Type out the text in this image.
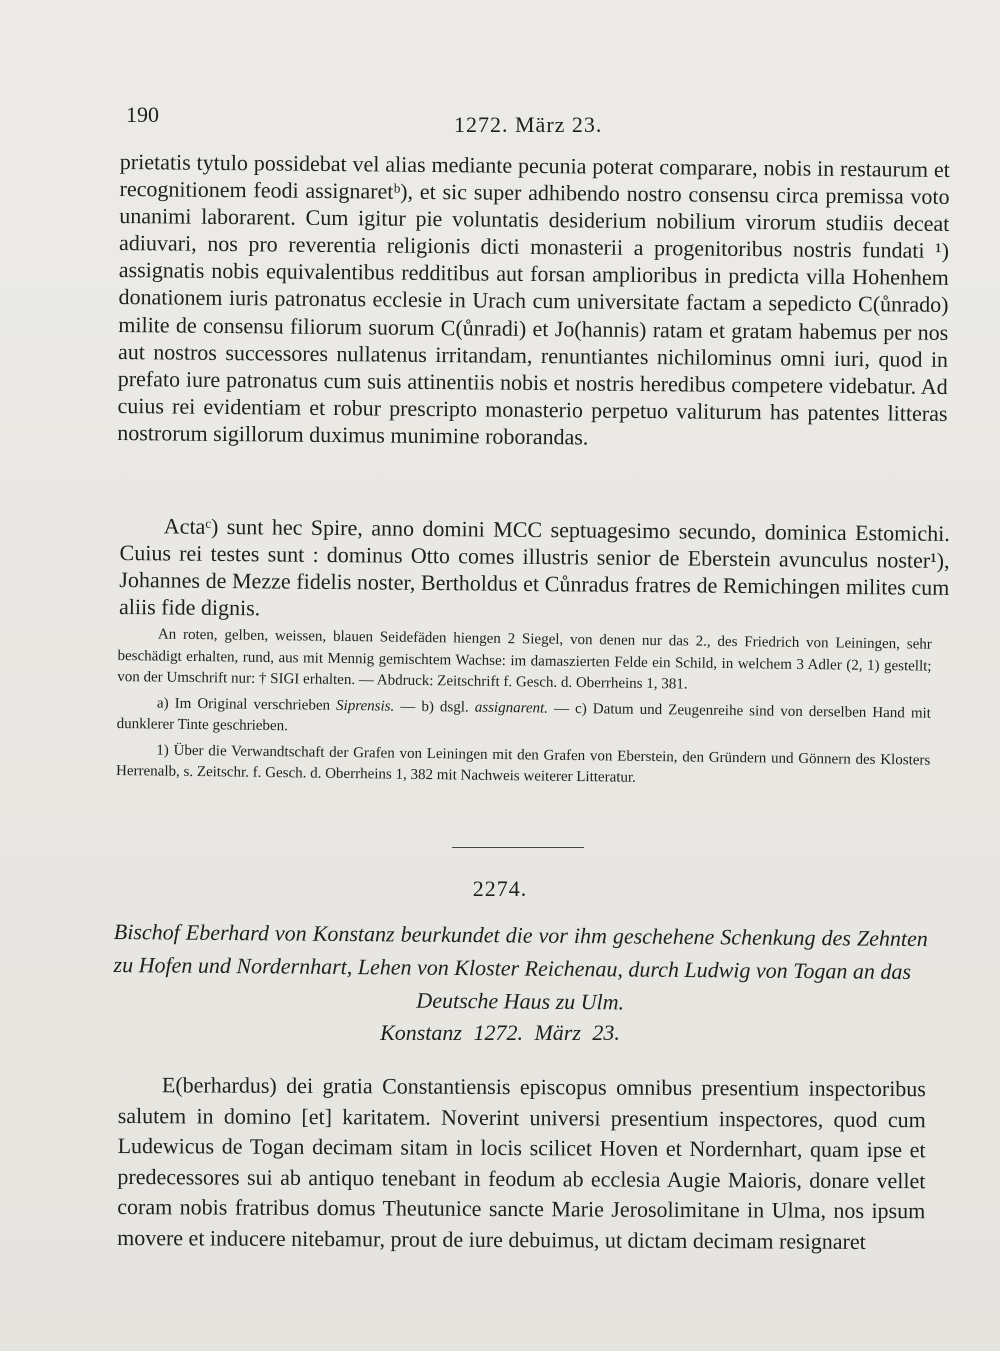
190	1272. März 23.

prietatis tytulo possidebat vel alias mediante pecunia poterat comparare, nobis in restaurum et recognitionem feodi assignaretᵇ), et sic super adhibendo nostro consensu circa premissa voto unanimi laborarent. Cum igitur pie voluntatis desiderium nobilium virorum studiis deceat adiuvari, nos pro reverentia religionis dicti monasterii a progenitoribus nostris fundati ¹) assignatis nobis equivalentibus redditibus aut forsan amplioribus in predicta villa Hohenhem donationem iuris patronatus ecclesie in Urach cum universitate factam a sepedicto C(ůnrado) milite de consensu filiorum suorum C(ůnradi) et Jo(hannis) ratam et gratam habemus per nos aut nostros successores nullatenus irritandam, renuntiantes nichilominus omni iuri, quod in prefato iure patronatus cum suis attinentiis nobis et nostris heredibus competere videbatur. Ad cuius rei evidentiam et robur prescripto monasterio perpetuo valiturum has patentes litteras nostrorum sigillorum duximus munimine roborandas.

Actaᶜ) sunt hec Spire, anno domini MCC septuagesimo secundo, dominica Estomichi. Cuius rei testes sunt : dominus Otto comes illustris senior de Eberstein avunculus noster¹), Johannes de Mezze fidelis noster, Bertholdus et Cůnradus fratres de Remichingen milites cum aliis fide dignis.

An roten, gelben, weissen, blauen Seidefäden hiengen 2 Siegel, von denen nur das 2., des Friedrich von Leiningen, sehr beschädigt erhalten, rund, aus mit Mennig gemischtem Wachse: im damaszierten Felde ein Schild, in welchem 3 Adler (2, 1) gestellt; von der Umschrift nur: † SIGI erhalten. — Abdruck: Zeitschrift f. Gesch. d. Oberrheins 1, 381.

a) Im Original verschrieben Siprensis. — b) dsgl. assignarent. — c) Datum und Zeugenreihe sind von derselben Hand mit dunklerer Tinte geschrieben.

1) Über die Verwandtschaft der Grafen von Leiningen mit den Grafen von Eberstein, den Gründern und Gönnern des Klosters Herrenalb, s. Zeitschr. f. Gesch. d. Oberrheins 1, 382 mit Nachweis weiterer Litteratur.

2274.
Bischof Eberhard von Konstanz beurkundet die vor ihm geschehene Schenkung des Zehnten zu Hofen und Nordernhart, Lehen von Kloster Reichenau, durch Ludwig von Togan an das
Deutsche Haus zu Ulm.
Konstanz 1272. März 23.

E(berhardus) dei gratia Constantiensis episcopus omnibus presentium inspectoribus salutem in domino [et] karitatem. Noverint universi presentium inspectores, quod cum Ludewicus de Togan decimam sitam in locis scilicet Hoven et Nordernhart, quam ipse et predecessores sui ab antiquo tenebant in feodum ab ecclesia Augie Maioris, donare vellet coram nobis fratribus domus Theutunice sancte Marie Jerosolimitane in Ulma, nos ipsum movere et inducere nitebamur, prout de iure debuimus, ut dictam decimam resignaret
